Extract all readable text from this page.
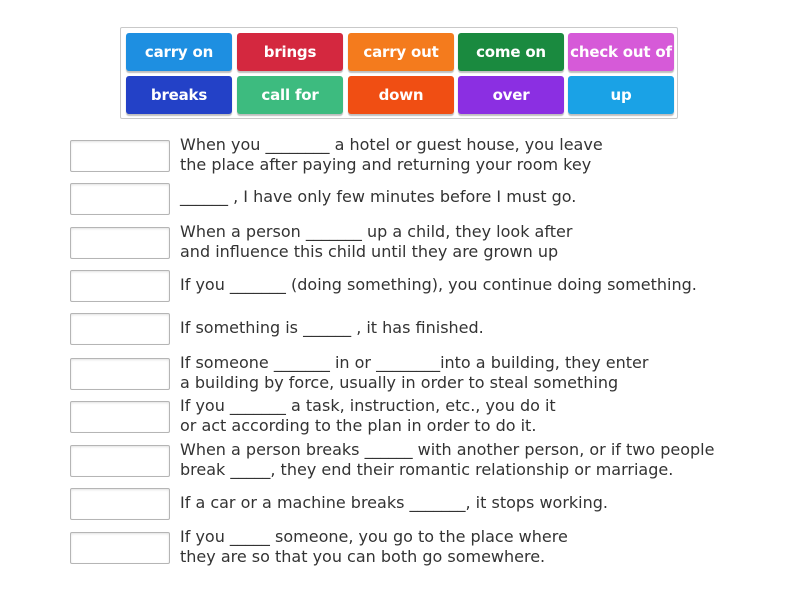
carry on	brings	carry out	come on	check out of
breaks	call for	down	over	up
When you ________ a hotel or guest house, you leave
the place after paying and returning your room key
______ , I have only few minutes before I must go.
When a person _______ up a child, they look after
and influence this child until they are grown up
If you _______ (doing something), you continue doing something.
If something is ______ , it has finished.
If someone _______ in or ________into a building, they enter
a building by force, usually in order to steal something
If you _______ a task, instruction, etc., you do it
or act according to the plan in order to do it.
When a person breaks ______ with another person, or if two people
break _____, they end their romantic relationship or marriage.
If a car or a machine breaks _______, it stops working.
If you _____ someone, you go to the place where
they are so that you can both go somewhere.
